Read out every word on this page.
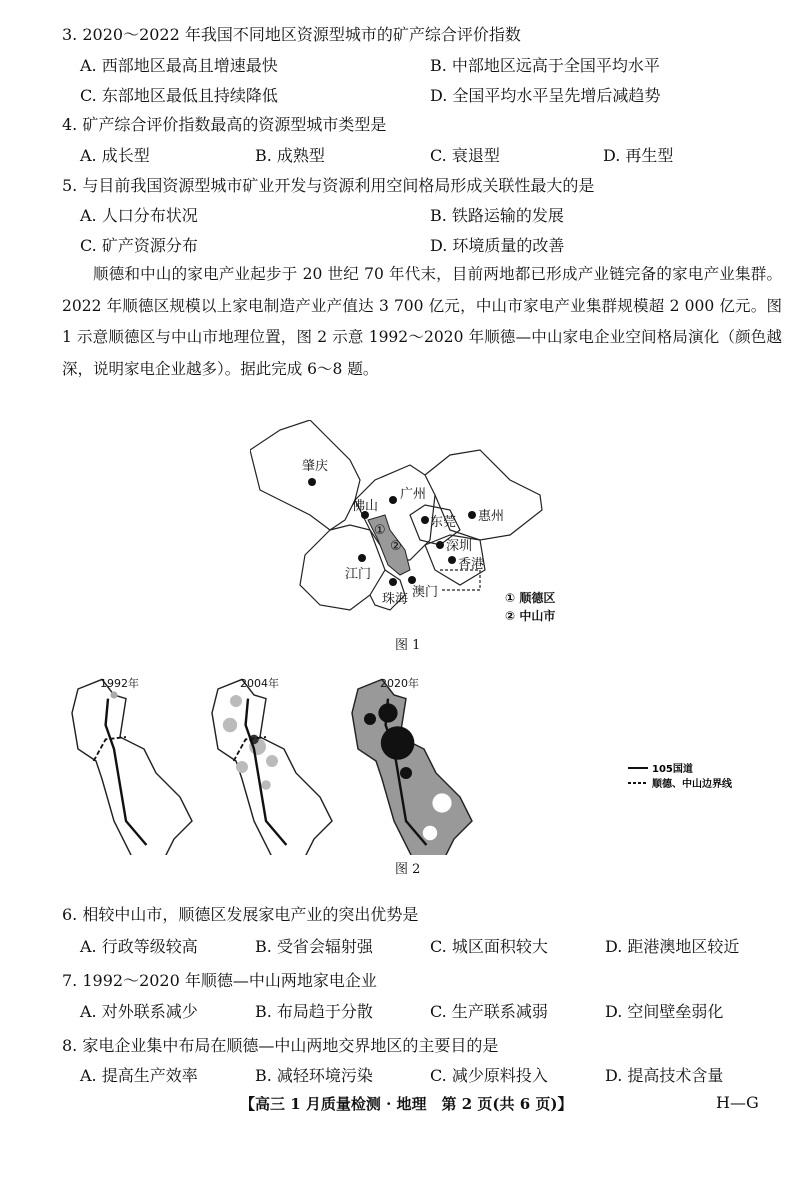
3. 2020～2022 年我国不同地区资源型城市的矿产综合评价指数
A. 西部地区最高且增速最快	B. 中部地区远高于全国平均水平
C. 东部地区最低且持续降低	D. 全国平均水平呈先增后减趋势
4. 矿产综合评价指数最高的资源型城市类型是
A. 成长型	B. 成熟型	C. 衰退型	D. 再生型
5. 与目前我国资源型城市矿业开发与资源利用空间格局形成关联性最大的是
A. 人口分布状况	B. 铁路运输的发展
C. 矿产资源分布	D. 环境质量的改善

顺德和中山的家电产业起步于 20 世纪 70 年代末，目前两地都已形成产业链完备的家电产业集群。2022 年顺德区规模以上家电制造产业产值达 3 700 亿元，中山市家电产业集群规模超 2 000 亿元。图 1 示意顺德区与中山市地理位置，图 2 示意 1992～2020 年顺德—中山家电企业空间格局演化（颜色越深，说明家电企业越多）。据此完成 6～8 题。

肇庆
广州
佛山
东莞 惠州
深圳
江门
香港
珠海 澳门
①
②
① 顺德区
② 中山市
图 1
1992年	2004年	2020年
105国道
顺德、中山边界线
图 2
6. 相较中山市，顺德区发展家电产业的突出优势是
A. 行政等级较高	B. 受省会辐射强	C. 城区面积较大	D. 距港澳地区较近
7. 1992～2020 年顺德—中山两地家电企业
A. 对外联系减少	B. 布局趋于分散	C. 生产联系减弱	D. 空间壁垒弱化
8. 家电企业集中布局在顺德—中山两地交界地区的主要目的是
A. 提高生产效率	B. 减轻环境污染	C. 减少原料投入	D. 提高技术含量
【高三 1 月质量检测 · 地理　第 2 页(共 6 页)】	H—G
